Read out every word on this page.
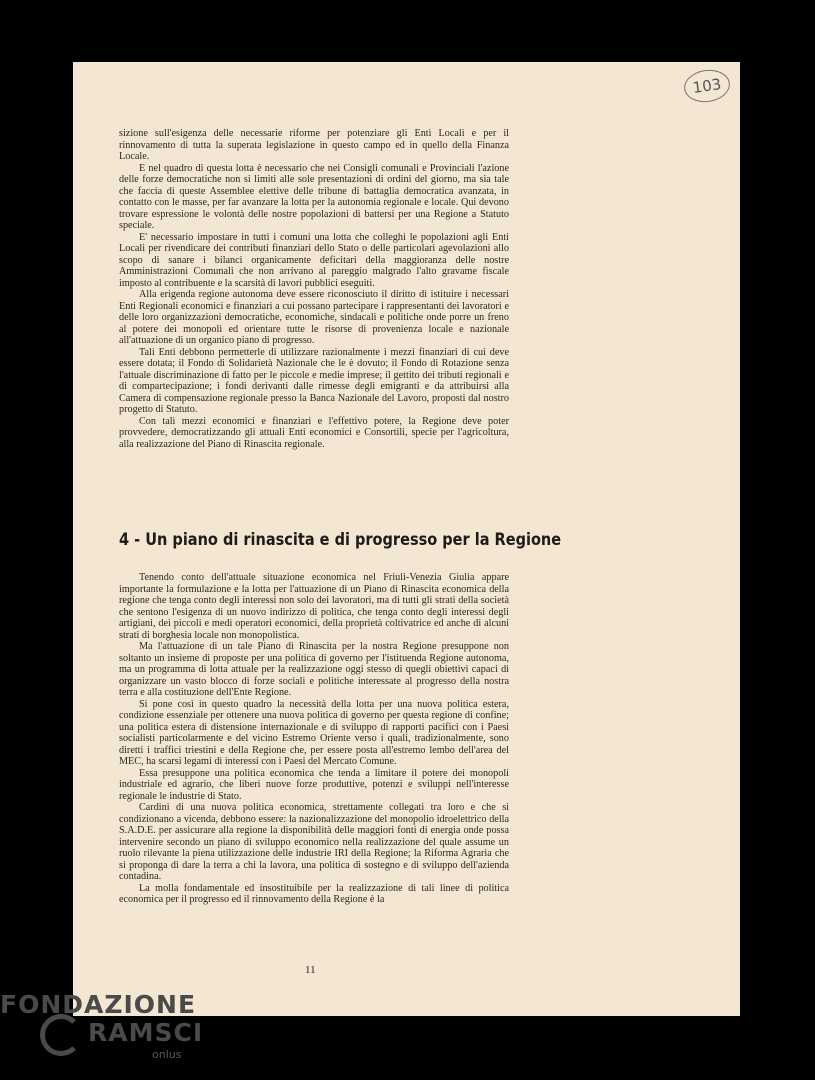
103

sizione sull'esigenza delle necessarie riforme per potenziare gli Enti Locali e per il rinnovamento di tutta la superata legislazione in questo campo ed in quello della Finanza Locale.

E nel quadro di questa lotta è necessario che nei Consigli comunali e Provinciali l'azione delle forze democratiche non si limiti alle sole presentazioni di ordini del giorno, ma sia tale che faccia di queste Assemblee elettive delle tribune di battaglia democratica avanzata, in contatto con le masse, per far avanzare la lotta per la autonomia regionale e locale. Qui devono trovare espressione le volontà delle nostre popolazioni di battersi per una Regione a Statuto speciale.

E' necessario impostare in tutti i comuni una lotta che colleghi le popolazioni agli Enti Locali per rivendicare dei contributi finanziari dello Stato o delle particolari agevolazioni allo scopo di sanare i bilanci organicamente deficitari della maggioranza delle nostre Amministrazioni Comunali che non arrivano al pareggio malgrado l'alto gravame fiscale imposto al contribuente e la scarsità di lavori pubblici eseguiti.

Alla erigenda regione autonoma deve essere riconosciuto il diritto di istituire i necessari Enti Regionali economici e finanziari a cui possano partecipare i rappresentanti dei lavoratori e delle loro organizzazioni democratiche, economiche, sindacali e politiche onde porre un freno al potere dei monopoli ed orientare tutte le risorse di provenienza locale e nazionale all'attuazione di un organico piano di progresso.

Tali Enti debbono permetterle di utilizzare razionalmente i mezzi finanziari di cui deve essere dotata; il Fondo di Solidarietà Nazionale che le è dovuto; il Fondo di Rotazione senza l'attuale discriminazione di fatto per le piccole e medie imprese; il gettito dei tributi regionali e di compartecipazione; i fondi derivanti dalle rimesse degli emigranti e da attribuirsi alla Camera di compensazione regionale presso la Banca Nazionale del Lavoro, proposti dal nostro progetto di Statuto.

Con tali mezzi economici e finanziari e l'effettivo potere, la Regione deve poter provvedere, democratizzando gli attuali Enti economici e Consortili, specie per l'agricoltura, alla realizzazione del Piano di Rinascita regionale.

4 - Un piano di rinascita e di progresso per la Regione

Tenendo conto dell'attuale situazione economica nel Friuli-Venezia Giulia appare importante la formulazione e la lotta per l'attuazione di un Piano di Rinascita economica della regione che tenga conto degli interessi non solo dei lavoratori, ma di tutti gli strati della società che sentono l'esigenza di un nuovo indirizzo di politica, che tenga conto degli interessi degli artigiani, dei piccoli e medi operatori economici, della proprietà coltivatrice ed anche di alcuni strati di borghesia locale non monopolistica.

Ma l'attuazione di un tale Piano di Rinascita per la nostra Regione presuppone non soltanto un insieme di proposte per una politica di governo per l'istituenda Regione autonoma, ma un programma di lotta attuale per la realizzazione oggi stesso di quegli obiettivi capaci di organizzare un vasto blocco di forze sociali e politiche interessate al progresso della nostra terra e alla costituzione dell'Ente Regione.

Si pone così in questo quadro la necessità della lotta per una nuova politica estera, condizione essenziale per ottenere una nuova politica di governo per questa regione di confine; una politica estera di distensione internazionale e di sviluppo di rapporti pacifici con i Paesi socialisti particolarmente e del vicino Estremo Oriente verso i quali, tradizionalmente, sono diretti i traffici triestini e della Regione che, per essere posta all'estremo lembo dell'area del MEC, ha scarsi legami di interessi con i Paesi del Mercato Comune.

Essa presuppone una politica economica che tenda a limitare il potere dei monopoli industriale ed agrario, che liberi nuove forze produttive, potenzi e sviluppi nell'interesse regionale le industrie di Stato.

Cardini di una nuova politica economica, strettamente collegati tra loro e che si condizionano a vicenda, debbono essere: la nazionalizzazione del monopolio idroelettrico della S.A.D.E. per assicurare alla regione la disponibilità delle maggiori fonti di energia onde possa intervenire secondo un piano di sviluppo economico nella realizzazione del quale assume un ruolo rilevante la piena utilizzazione delle industrie IRI della Regione; la Riforma Agraria che si proponga di dare la terra a chi la lavora, una politica di sostegno e di sviluppo dell'azienda contadina.

La molla fondamentale ed insostituibile per la realizzazione di tali linee di politica economica per il progresso ed il rinnovamento della Regione è la

11
FONDAZIONE
RAMSCI
onlus
